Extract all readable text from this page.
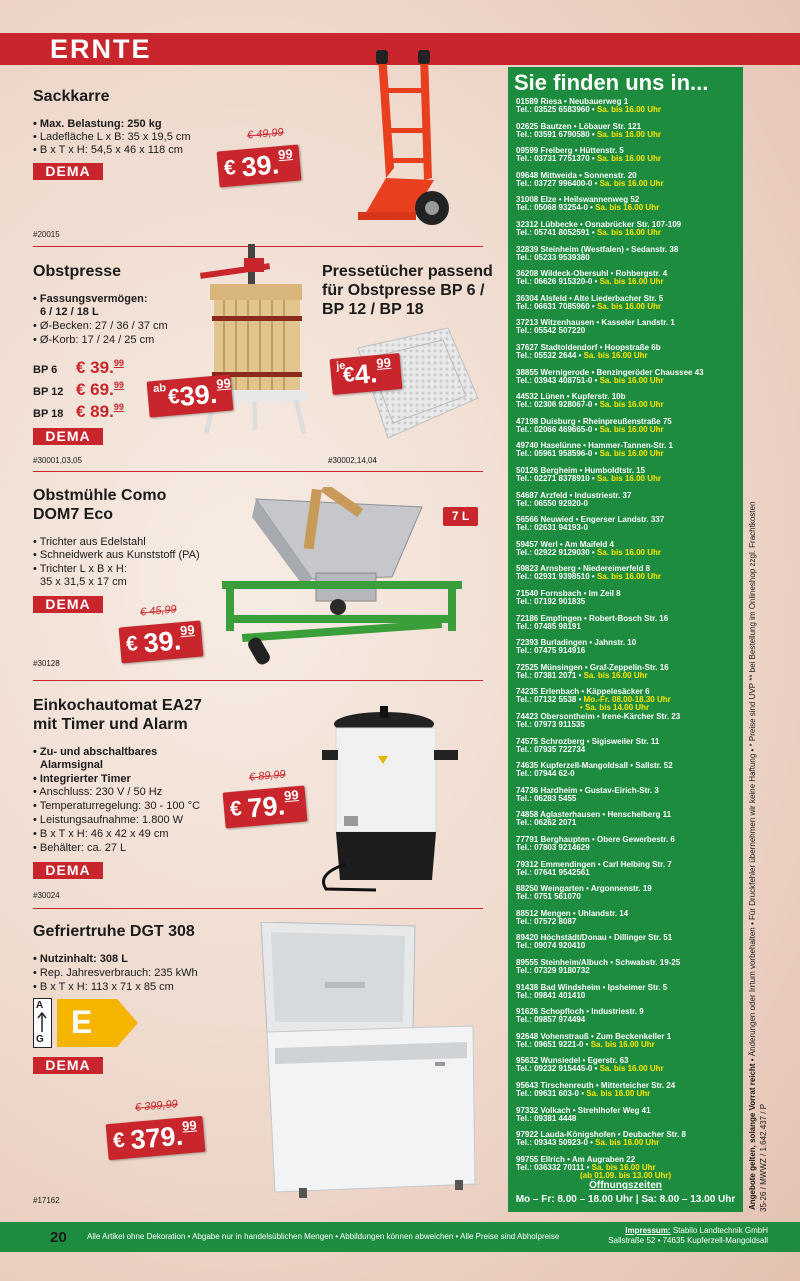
ERNTE
Sackkarre
• Max. Belastung: 250 kg
• Ladefläche L x B: 35 x 19,5 cm
• B x T x H: 54,5 x 46 x 118 cm
DEMA
€ 49,99
€ 39.99
#20015
Obstpresse
• Fassungsvermögen:
6 / 12 / 18 L
• Ø-Becken: 27 / 36 / 37 cm
• Ø-Korb: 17 / 24 / 25 cm
BP 6 € 39.99
BP 12 € 69.99
BP 18 € 89.99
DEMA
ab €39.99
#30001,03,05
Pressetücher passend
für Obstpresse BP 6 /
BP 12 / BP 18
je
€4.99
#30002,14,04
Obstmühle Como
DOM7 Eco
• Trichter aus Edelstahl
• Schneidwerk aus Kunststoff (PA)
• Trichter L x B x H:
35 x 31,5 x 17 cm
DEMA
7 L
€ 45,99
€ 39.99
#30128
Einkochautomat EA27
mit Timer und Alarm
• Zu- und abschaltbares
Alarmsignal
• Integrierter Timer
• Anschluss: 230 V / 50 Hz
• Temperaturregelung: 30 - 100 °C
• Leistungsaufnahme: 1.800 W
• B x T x H: 46 x 42 x 49 cm
• Behälter: ca. 27 L
DEMA
€ 89,99
€ 79.99
#30024
Gefriertruhe DGT 308
• Nutzinhalt: 308 L
• Rep. Jahresverbrauch: 235 kWh
• B x T x H: 113 x 71 x 85 cm
A
G E
DEMA
€ 399,99
€ 379.99
#17162
Sie finden uns in...
01589 Riesa • Neubauerweg 1
Tel.: 03525 6583960 • Sa. bis 16.00 Uhr
02625 Bautzen • Löbauer Str. 121
Tel.: 03591 6790580 • Sa. bis 16.00 Uhr
09599 Freiberg • Hüttenstr. 5
Tel.: 03731 7751370 • Sa. bis 16.00 Uhr
09648 Mittweida • Sonnenstr. 20
Tel.: 03727 996400-0 • Sa. bis 16.00 Uhr
31008 Elze • Heilswannenweg 52
Tel.: 05068 93254-0 • Sa. bis 16.00 Uhr
32312 Lübbecke • Osnabrücker Str. 107-109
Tel.: 05741 8052591 • Sa. bis 16.00 Uhr
32839 Steinheim (Westfalen) • Sedanstr. 38
Tel.: 05233 9539380
36208 Wildeck-Obersuhl • Rohbergstr. 4
Tel.: 06626 915320-0 • Sa. bis 16.00 Uhr
36304 Alsfeld • Alte Liederbacher Str. 5
Tel.: 06631 7085960 • Sa. bis 16.00 Uhr
37213 Witzenhausen • Kasseler Landstr. 1
Tel.: 05542 507220
37627 Stadtoldendorf • Hoopstraße 6b
Tel.: 05532 2644 • Sa. bis 16.00 Uhr
38855 Wernigerode • Benzingeröder Chaussee 43
Tel.: 03943 408751-0 • Sa. bis 16.00 Uhr
44532 Lünen • Kupferstr. 10b
Tel.: 02306 928067-0 • Sa. bis 16.00 Uhr
47198 Duisburg • Rheinpreußenstraße 75
Tel.: 02066 469665-0 • Sa. bis 16.00 Uhr
49740 Haselünne • Hammer-Tannen-Str. 1
Tel.: 05961 958596-0 • Sa. bis 16.00 Uhr
50126 Bergheim • Humboldtstr. 15
Tel.: 02271 8378910 • Sa. bis 16.00 Uhr
54687 Arzfeld • Industriestr. 37
Tel.: 06550 92920-0
56566 Neuwied • Engerser Landstr. 337
Tel.: 02631 94193-0
59457 Werl • Am Maifeld 4
Tel.: 02922 9129030 • Sa. bis 16.00 Uhr
59823 Arnsberg • Niedereimerfeld 8
Tel.: 02931 9398510 • Sa. bis 16.00 Uhr
71540 Fornsbach • Im Zeil 8
Tel.: 07192 901835
72186 Empfingen • Robert-Bosch Str. 16
Tel.: 07485 98191
72393 Burladingen • Jahnstr. 10
Tel.: 07475 914916
72525 Münsingen • Graf-Zeppelin-Str. 16
Tel.: 07381 2071 • Sa. bis 16.00 Uhr
74235 Erlenbach • Käppelesäcker 6
Tel.: 07132 5538 • Mo.-Fr. 08.00-18.30 Uhr
• Sa. bis 14.00 Uhr
74423 Obersontheim • Irene-Kärcher Str. 23
Tel.: 07973 911535
74575 Schrozberg • Sigisweiler Str. 11
Tel.: 07935 722734
74635 Kupferzell-Mangoldsall • Sallstr. 52
Tel.: 07944 62-0
74736 Hardheim • Gustav-Eirich-Str. 3
Tel.: 06283 5455
74858 Aglasterhausen • Henschelberg 11
Tel.: 06262 2071
77791 Berghaupten • Obere Gewerbestr. 6
Tel.: 07803 9214629
79312 Emmendingen • Carl Helbing Str. 7
Tel.: 07641 9542561
88250 Weingarten • Argonnenstr. 19
Tel.: 0751 561070
88512 Mengen • Uhlandstr. 14
Tel.: 07572 8087
89420 Höchstädt/Donau • Dillinger Str. 51
Tel.: 09074 920410
89555 Steinheim/Albuch • Schwabstr. 19-25
Tel.: 07329 9180732
91438 Bad Windsheim • Ipsheimer Str. 5
Tel.: 09841 401410
91626 Schopfloch • Industriestr. 9
Tel.: 09857 974494
92648 Vohenstrauß • Zum Beckenkeller 1
Tel.: 09651 9221-0 • Sa. bis 16.00 Uhr
95632 Wunsiedel • Egerstr. 63
Tel.: 09232 915445-0 • Sa. bis 16.00 Uhr
95643 Tirschenreuth • Mitterteicher Str. 24
Tel.: 09631 603-0 • Sa. bis 16.00 Uhr
97332 Volkach • Strehlhofer Weg 41
Tel.: 09381 4448
97922 Lauda-Königshofen • Deubacher Str. 8
Tel.: 09343 50923-0 • Sa. bis 16.00 Uhr
99755 Ellrich • Am Augraben 22
Tel.: 036332 70111 • Sa. bis 16.00 Uhr
(ab 01.09. bis 13.00 Uhr)
Öffnungszeiten
Mo – Fr: 8.00 – 18.00 Uhr | Sa: 8.00 – 13.00 Uhr	Angebote gelten, solange Vorrat reicht • Änderungen oder Irrtum vorbehalten • Für Druckfehler übernehmen wir keine Haftung • * Preise sind UVP ** bei Bestellung im Onlineshop zzgl. Frachtkosten
35-26 / MWWZ / 1.642.437 / P
20	Alle Artikel ohne Dekoration • Abgabe nur in handelsüblichen Mengen • Abbildungen können abweichen • Alle Preise sind Abholpreise
Impressum: Stabilo Landtechnik GmbH
Sallstraße 52 • 74635 Kupferzell-Mangoldsall
